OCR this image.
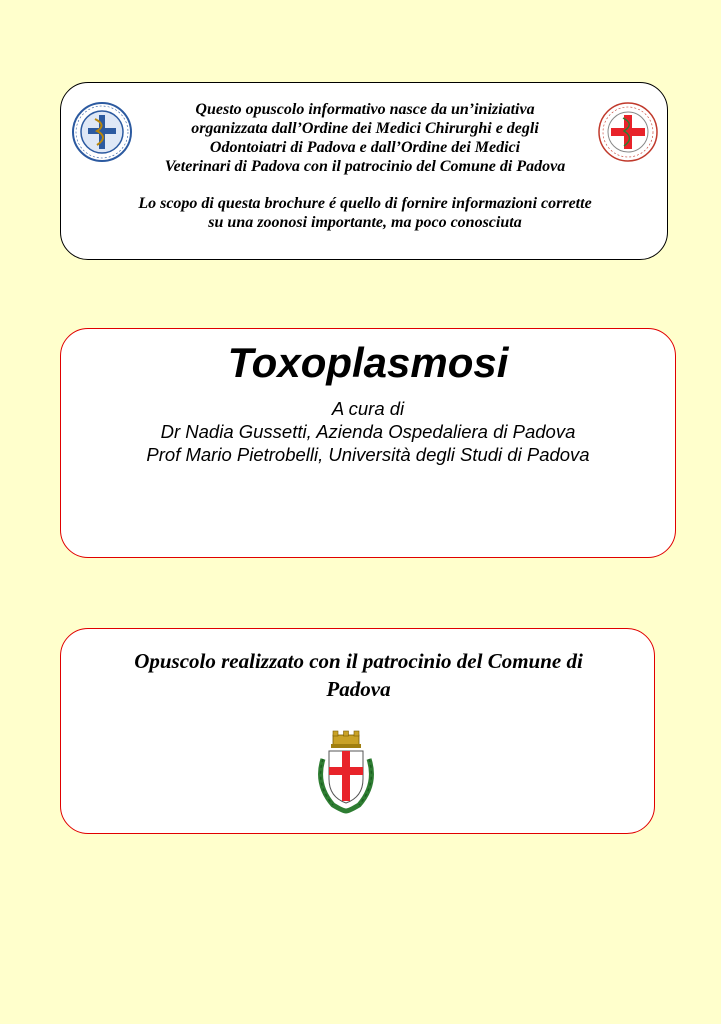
Questo opuscolo informativo nasce da un’iniziativa

organizzata dall’Ordine dei Medici Chirurghi e degli

Odontoiatri di Padova e dall’Ordine dei Medici

Veterinari di Padova con il patrocinio del Comune di Padova

Lo scopo di questa brochure é quello di fornire informazioni corrette

su una zoonosi importante, ma poco conosciuta

Toxoplasmosi
A cura di
Dr Nadia Gussetti, Azienda Ospedaliera di Padova
Prof Mario Pietrobelli, Università degli Studi di Padova
Opuscolo realizzato con il patrocinio del Comune di
Padova
